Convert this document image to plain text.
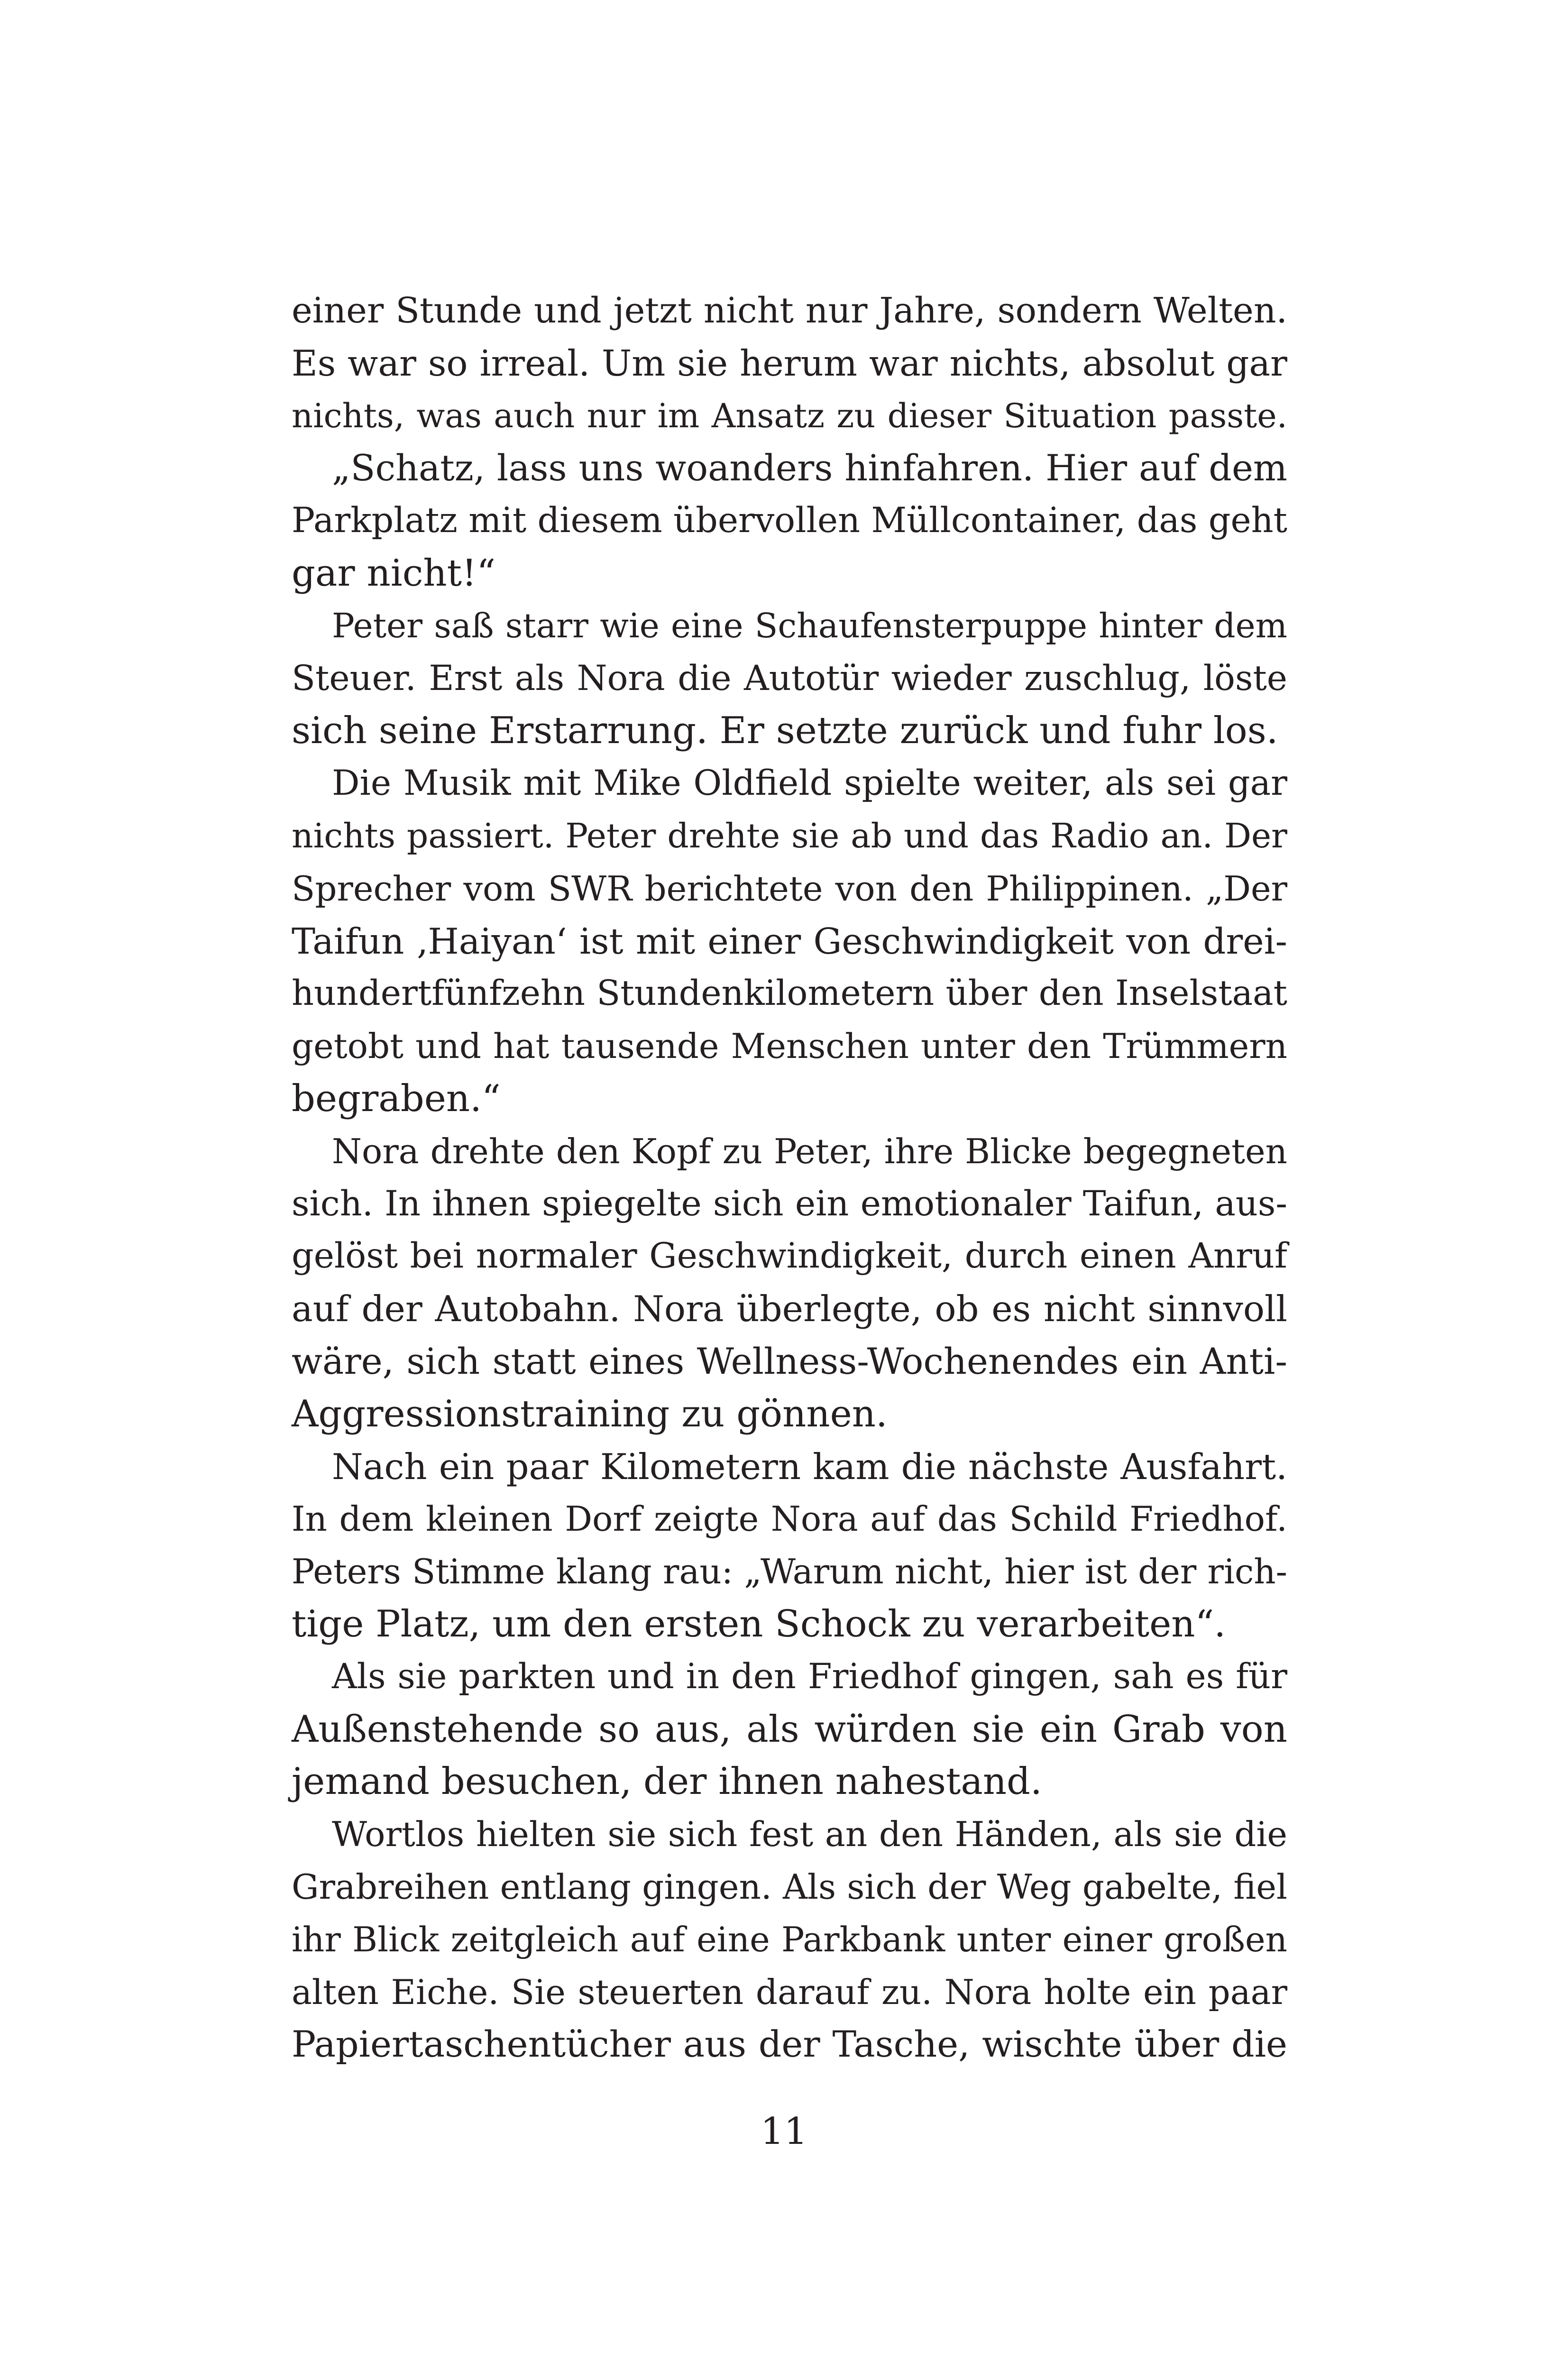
einer Stunde und jetzt nicht nur Jahre, sondern Welten.
Es war so irreal. Um sie herum war nichts, absolut gar
nichts, was auch nur im Ansatz zu dieser Situation passte.
„Schatz, lass uns woanders hinfahren. Hier auf dem
Parkplatz mit diesem übervollen Müllcontainer, das geht
gar nicht!“
Peter saß starr wie eine Schaufensterpuppe hinter dem
Steuer. Erst als Nora die Autotür wieder zuschlug, löste
sich seine Erstarrung. Er setzte zurück und fuhr los.
Die Musik mit Mike Oldfield spielte weiter, als sei gar
nichts passiert. Peter drehte sie ab und das Radio an. Der
Sprecher vom SWR berichtete von den Philippinen. „Der
Taifun ‚Haiyan‘ ist mit einer Geschwindigkeit von drei-
hundertfünfzehn Stundenkilometern über den Inselstaat
getobt und hat tausende Menschen unter den Trümmern
begraben.“
Nora drehte den Kopf zu Peter, ihre Blicke begegneten
sich. In ihnen spiegelte sich ein emotionaler Taifun, aus-
gelöst bei normaler Geschwindigkeit, durch einen Anruf
auf der Autobahn. Nora überlegte, ob es nicht sinnvoll
wäre, sich statt eines Wellness-Wochenendes ein Anti-
Aggressionstraining zu gönnen.
Nach ein paar Kilometern kam die nächste Ausfahrt.
In dem kleinen Dorf zeigte Nora auf das Schild Friedhof.
Peters Stimme klang rau: „Warum nicht, hier ist der rich-
tige Platz, um den ersten Schock zu verarbeiten“.
Als sie parkten und in den Friedhof gingen, sah es für
Außenstehende so aus, als würden sie ein Grab von
jemand besuchen, der ihnen nahestand.
Wortlos hielten sie sich fest an den Händen, als sie die
Grabreihen entlang gingen. Als sich der Weg gabelte, fiel
ihr Blick zeitgleich auf eine Parkbank unter einer großen
alten Eiche. Sie steuerten darauf zu. Nora holte ein paar
Papiertaschentücher aus der Tasche, wischte über die
11
